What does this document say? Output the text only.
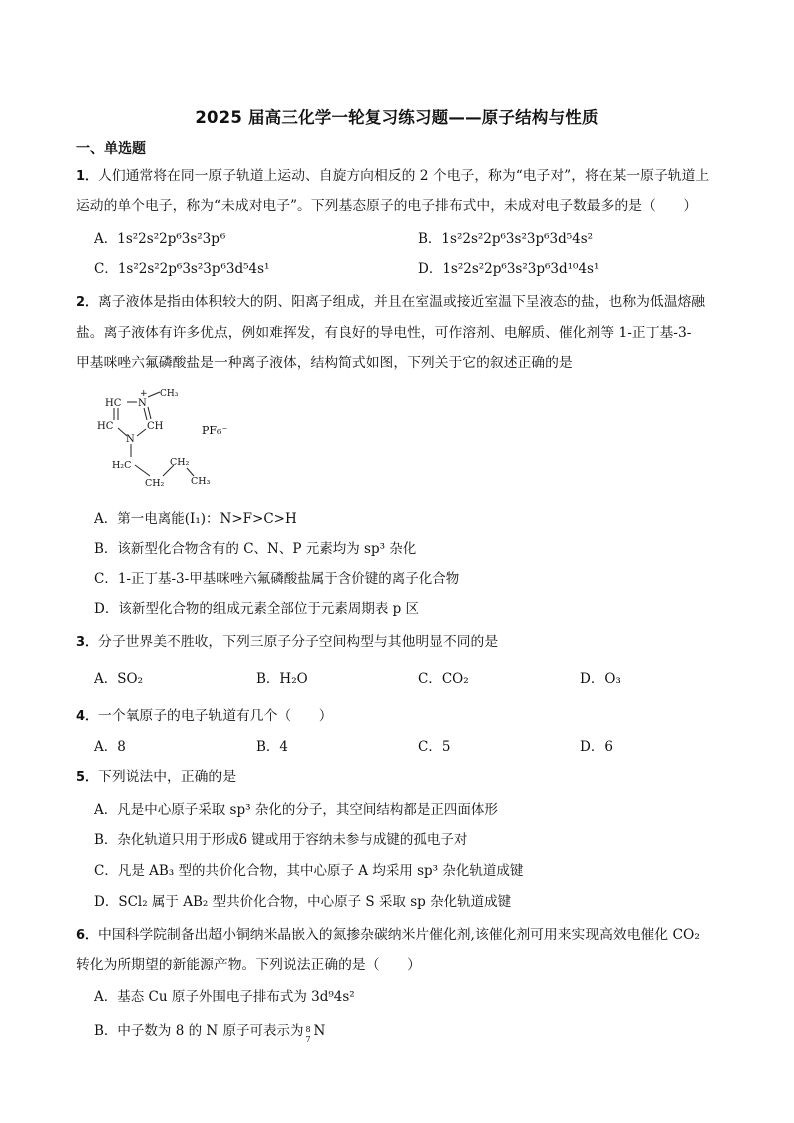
2025 届高三化学一轮复习练习题——原子结构与性质
一、单选题
1．人们通常将在同一原子轨道上运动、自旋方向相反的 2 个电子，称为“电子对”，将在某一原子轨道上
运动的单个电子，称为“未成对电子”。下列基态原子的电子排布式中，未成对电子数最多的是（　　）
A．1s²2s²2p⁶3s²3p⁶	B．1s²2s²2p⁶3s²3p⁶3d⁵4s²
C．1s²2s²2p⁶3s²3p⁶3d⁵4s¹	D．1s²2s²2p⁶3s²3p⁶3d¹⁰4s¹
2．离子液体是指由体积较大的阴、阳离子组成，并且在室温或接近室温下呈液态的盐，也称为低温熔融
盐。离子液体有许多优点，例如难挥发，有良好的导电性，可作溶剂、电解质、催化剂等 1-正丁基-3-
甲基咪唑六氟磷酸盐是一种离子液体，结构简式如图，下列关于它的叙述正确的是
HC N
+ CH₃
HC	CH
N
H₂C	CH₂
CH₂	CH₃
PF₆⁻
A．第一电离能(I₁)：N>F>C>H
B．该新型化合物含有的 C、N、P 元素均为 sp³ 杂化
C．1-正丁基-3-甲基咪唑六氟磷酸盐属于含价键的离子化合物
D．该新型化合物的组成元素全部位于元素周期表 p 区
3．分子世界美不胜收，下列三原子分子空间构型与其他明显不同的是
A．SO₂	B．H₂O	C．CO₂	D．O₃
4．一个氧原子的电子轨道有几个（　　）
A．8	B．4	C．5	D．6
5．下列说法中，正确的是
A．凡是中心原子采取 sp³ 杂化的分子，其空间结构都是正四面体形
B．杂化轨道只用于形成δ 键或用于容纳未参与成键的孤电子对
C．凡是 AB₃ 型的共价化合物，其中心原子 A 均采用 sp³ 杂化轨道成键
D．SCl₂ 属于 AB₂ 型共价化合物，中心原子 S 采取 sp 杂化轨道成键
6．中国科学院制备出超小铜纳米晶嵌入的氮掺杂碳纳米片催化剂,该催化剂可用来实现高效电催化 CO₂
转化为所期望的新能源产物。下列说法正确的是（　　）
A．基态 Cu 原子外围电子排布式为 3d⁹4s²
B．中子数为 8 的 N 原子可表示为 8
7
N
